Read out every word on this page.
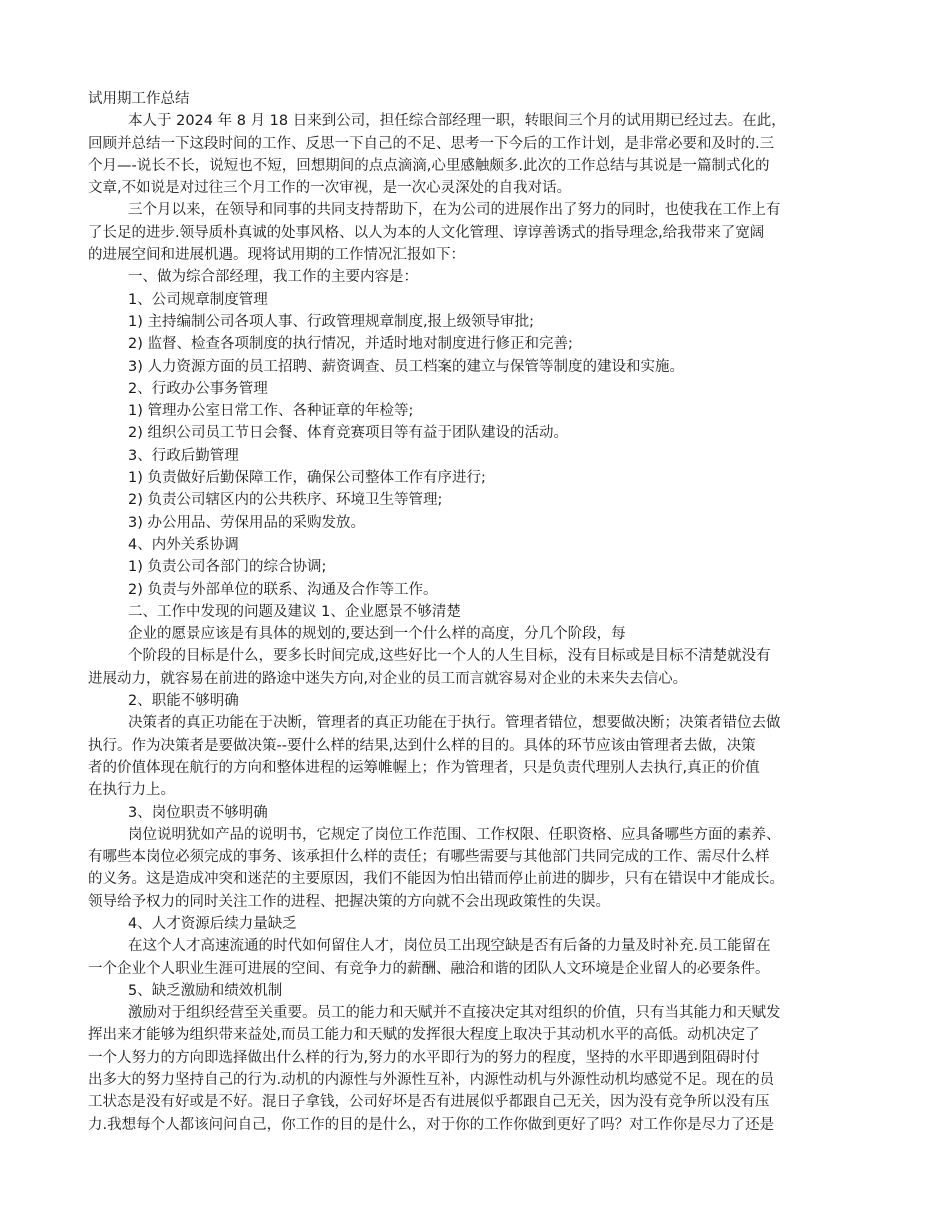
试用期工作总结
本人于 2024 年 8 月 18 日来到公司，担任综合部经理一职，转眼间三个月的试用期已经过去。在此，
回顾并总结一下这段时间的工作、反思一下自己的不足、思考一下今后的工作计划，是非常必要和及时的.三
个月—-说长不长，说短也不短，回想期间的点点滴滴,心里感触颇多.此次的工作总结与其说是一篇制式化的
文章,不如说是对过往三个月工作的一次审视，是一次心灵深处的自我对话。
三个月以来，在领导和同事的共同支持帮助下，在为公司的进展作出了努力的同时，也使我在工作上有
了长足的进步.领导质朴真诚的处事风格、以人为本的人文化管理、谆谆善诱式的指导理念,给我带来了宽阔
的进展空间和进展机遇。现将试用期的工作情况汇报如下：
一、做为综合部经理，我工作的主要内容是：
1、公司规章制度管理
1) 主持编制公司各项人事、行政管理规章制度,报上级领导审批;
2) 监督、检查各项制度的执行情况，并适时地对制度进行修正和完善;
3) 人力资源方面的员工招聘、薪资调查、员工档案的建立与保管等制度的建设和实施。
2、行政办公事务管理
1) 管理办公室日常工作、各种证章的年检等;
2) 组织公司员工节日会餐、体育竞赛项目等有益于团队建设的活动。
3、行政后勤管理
1) 负责做好后勤保障工作，确保公司整体工作有序进行;
2) 负责公司辖区内的公共秩序、环境卫生等管理;
3) 办公用品、劳保用品的采购发放。
4、内外关系协调
1) 负责公司各部门的综合协调;
2) 负责与外部单位的联系、沟通及合作等工作。
二、工作中发现的问题及建议 1、企业愿景不够清楚
企业的愿景应该是有具体的规划的,要达到一个什么样的高度，分几个阶段，每
个阶段的目标是什么，要多长时间完成,这些好比一个人的人生目标，没有目标或是目标不清楚就没有
进展动力，就容易在前进的路途中迷失方向,对企业的员工而言就容易对企业的未来失去信心。
2、职能不够明确
决策者的真正功能在于决断，管理者的真正功能在于执行。管理者错位，想要做决断；决策者错位去做
执行。作为决策者是要做决策--要什么样的结果,达到什么样的目的。具体的环节应该由管理者去做，决策
者的价值体现在航行的方向和整体进程的运筹帷幄上；作为管理者，只是负责代理别人去执行,真正的价值
在执行力上。
3、岗位职责不够明确
岗位说明犹如产品的说明书，它规定了岗位工作范围、工作权限、任职资格、应具备哪些方面的素养、
有哪些本岗位必须完成的事务、该承担什么样的责任；有哪些需要与其他部门共同完成的工作、需尽什么样
的义务。这是造成冲突和迷茫的主要原因，我们不能因为怕出错而停止前进的脚步，只有在错误中才能成长。
领导给予权力的同时关注工作的进程、把握决策的方向就不会出现政策性的失误。
4、人才资源后续力量缺乏
在这个人才高速流通的时代如何留住人才，岗位员工出现空缺是否有后备的力量及时补充.员工能留在
一个企业个人职业生涯可进展的空间、有竞争力的薪酬、融洽和谐的团队人文环境是企业留人的必要条件。
5、缺乏激励和绩效机制
激励对于组织经营至关重要。员工的能力和天赋并不直接决定其对组织的价值，只有当其能力和天赋发
挥出来才能够为组织带来益处,而员工能力和天赋的发挥很大程度上取决于其动机水平的高低。动机决定了
一个人努力的方向即选择做出什么样的行为,努力的水平即行为的努力的程度，坚持的水平即遇到阻碍时付
出多大的努力坚持自己的行为.动机的内源性与外源性互补，内源性动机与外源性动机均感觉不足。现在的员
工状态是没有好或是不好。混日子拿钱，公司好坏是否有进展似乎都跟自己无关，因为没有竞争所以没有压
力.我想每个人都该问问自己，你工作的目的是什么，对于你的工作你做到更好了吗？对工作你是尽力了还是
